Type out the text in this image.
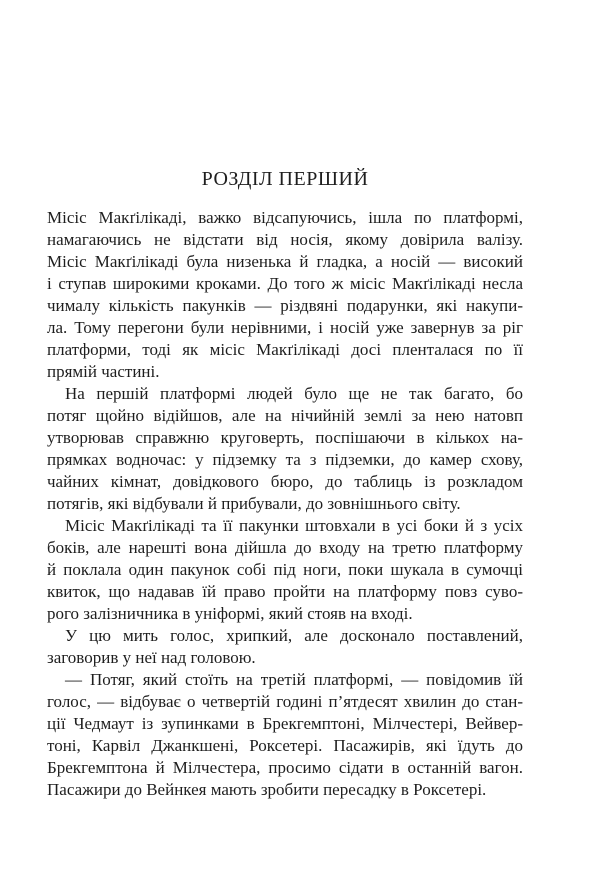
РОЗДІЛ ПЕРШИЙ

Місіс Макґілікаді, важко відсапуючись, ішла по платформі,
намагаючись не відстати від носія, якому довірила валізу.
Місіс Макґілікаді була низенька й гладка, а носій — високий
і ступав широкими кроками. До того ж місіс Макґілікаді несла
чималу кількість пакунків — різдвяні подарунки, які накупи-
ла. Тому перегони були нерівними, і носій уже завернув за ріг
платформи, тоді як місіс Макґілікаді досі пленталася по її
прямій частині.

На першій платформі людей було ще не так багато, бо
потяг щойно відійшов, але на нічийній землі за нею натовп
утворював справжню круговерть, поспішаючи в кількох на-
прямках водночас: у підземку та з підземки, до камер схову,
чайних кімнат, довідкового бюро, до таблиць із розкладом
потягів, які відбували й прибували, до зовнішнього світу.

Місіс Макґілікаді та її пакунки штовхали в усі боки й з усіх
боків, але нарешті вона дійшла до входу на третю платформу
й поклала один пакунок собі під ноги, поки шукала в сумочці
квиток, що надавав їй право пройти на платформу повз суво-
рого залізничника в уніформі, який стояв на вході.

У цю мить голос, хрипкий, але досконало поставлений,
заговорив у неї над головою.

— Потяг, який стоїть на третій платформі, — повідомив їй
голос, — відбуває о четвертій годині п’ятдесят хвилин до стан-
ції Чедмаут із зупинками в Брекгемптоні, Мілчестері, Вейвер-
тоні, Карвіл Джанкшені, Роксетері. Пасажирів, які їдуть до
Брекгемптона й Мілчестера, просимо сідати в останній вагон.
Пасажири до Вейнкея мають зробити пересадку в Роксетері.
